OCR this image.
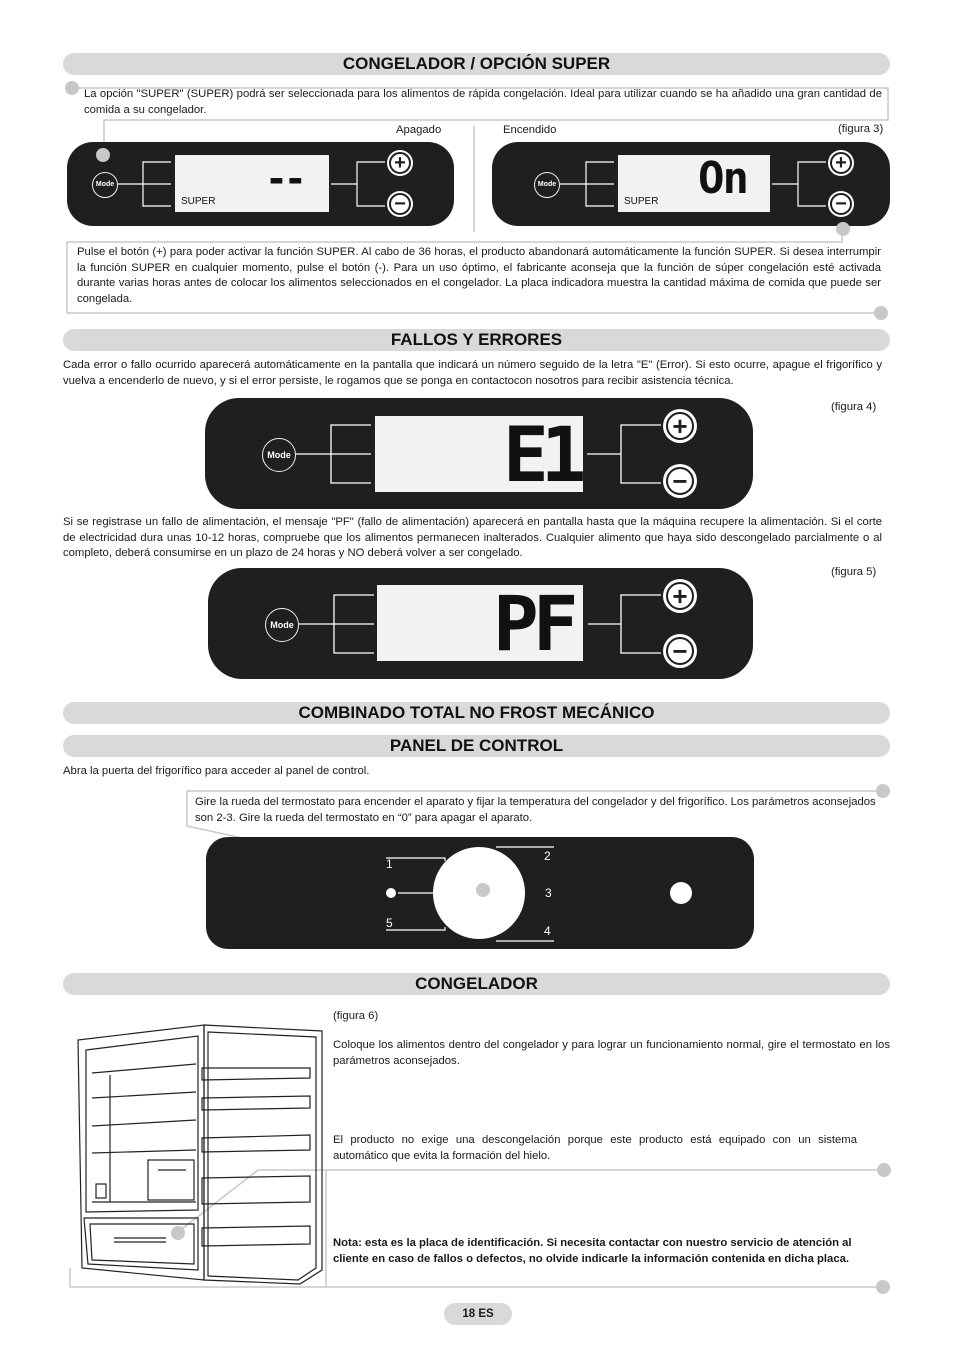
CONGELADOR / OPCIÓN SUPER
La opción "SUPER" (SUPER) podrá ser seleccionada para los alimentos de rápida congelación. Ideal para utilizar cuando se ha añadido una gran cantidad de comida a su congelador.
Apagado	Encendido	(figura 3)
Mode	--
SUPER
+
−
Mode	On
SUPER
+
−
Pulse el botón (+) para poder activar la función SUPER. Al cabo de 36 horas, el producto abandonará automáticamente la función SUPER. Si desea interrumpir la función SUPER en cualquier momento, pulse el botón (-). Para un uso óptimo, el fabricante aconseja que la función de súper congelación esté activada durante varias horas antes de colocar los alimentos seleccionados en el congelador. La placa indicadora muestra la cantidad máxima de comida que puede ser congelada.
FALLOS Y ERRORES
Cada error o fallo ocurrido aparecerá automáticamente en la pantalla que indicará un número seguido de la letra "E" (Error). Si esto ocurre, apague el frigorífico y vuelva a encenderlo de nuevo, y si el error persiste, le rogamos que se ponga en contactocon nosotros para recibir asistencia técnica.
(figura 4)
Mode	E1	+
−
Si se registrase un fallo de alimentación, el mensaje "PF" (fallo de alimentación) aparecerá en pantalla hasta que la máquina recupere la alimentación. Si el corte de electricidad dura unas 10-12 horas, compruebe que los alimentos permanecen inalterados. Cualquier alimento que haya sido descongelado parcialmente o al completo, deberá consumirse en un plazo de 24 horas y NO deberá volver a ser congelado.
(figura 5)
Mode	PF	+
−
COMBINADO TOTAL NO FROST MECÁNICO
PANEL DE CONTROL
Abra la puerta del frigorífico para acceder al panel de control.
Gire la rueda del termostato para encender el aparato y fijar la temperatura del congelador y del frigorífico. Los parámetros aconsejados son 2-3. Gire la rueda del termostato en “0” para apagar el aparato.
1
2
3
4
5
CONGELADOR
(figura 6)
Coloque los alimentos dentro del congelador y para lograr un funcionamiento normal, gire el termostato en los parámetros aconsejados.
El producto no exige una descongelación porque este producto está equipado con un sistema automático que evita la formación del hielo.
Nota: esta es la placa de identificación. Si necesita contactar con nuestro servicio de atención al cliente en caso de fallos o defectos, no olvide indicarle la información contenida en dicha placa.
18 ES
